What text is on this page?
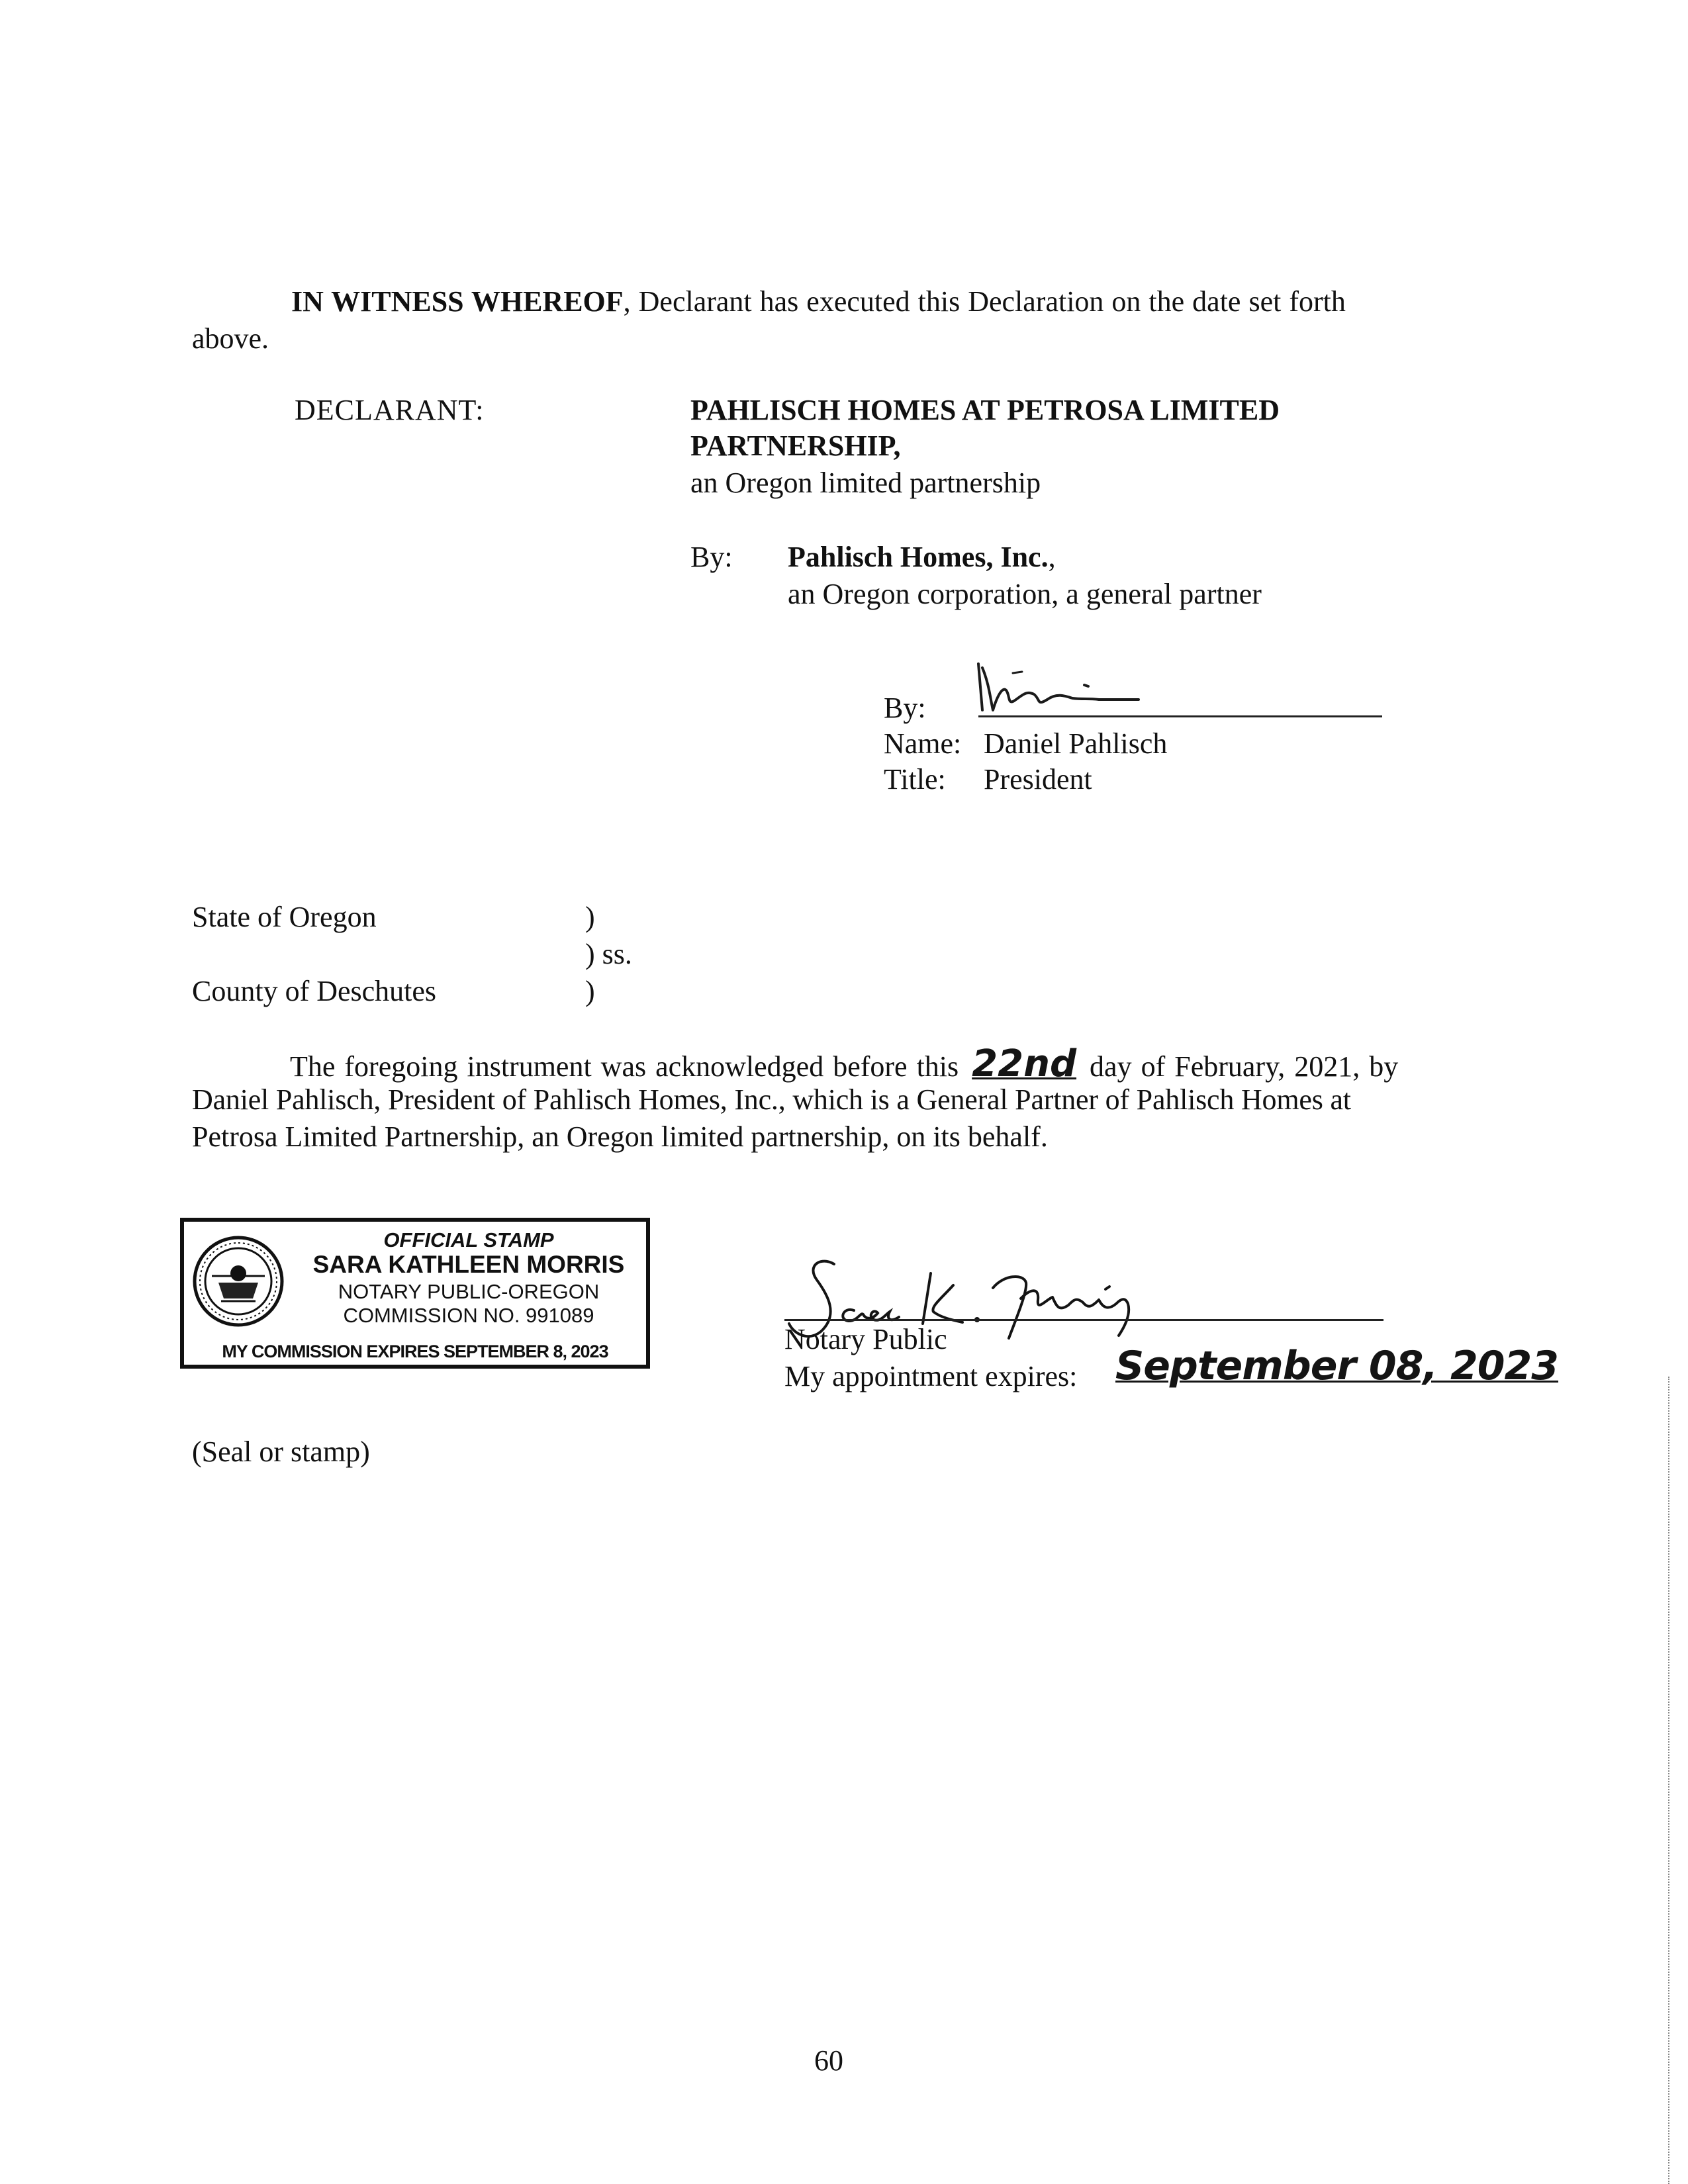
IN WITNESS WHEREOF, Declarant has executed this Declaration on the date set forth
above.
DECLARANT:	PAHLISCH HOMES AT PETROSA LIMITED
PARTNERSHIP,
an Oregon limited partnership
By: Pahlisch Homes, Inc.,
an Oregon corporation, a general partner
By:
Name: Daniel Pahlisch
Title: President
State of Oregon	)
) ss.
County of Deschutes	)
The foregoing instrument was acknowledged before this 22nd day of February, 2021, by
Daniel Pahlisch, President of Pahlisch Homes, Inc., which is a General Partner of Pahlisch Homes at
Petrosa Limited Partnership, an Oregon limited partnership, on its behalf.
OFFICIAL STAMP
SARA KATHLEEN MORRIS
NOTARY PUBLIC-OREGON
COMMISSION NO. 991089
MY COMMISSION EXPIRES SEPTEMBER 8, 2023	Notary Public
My appointment expires: September 08, 2023
(Seal or stamp)
60
